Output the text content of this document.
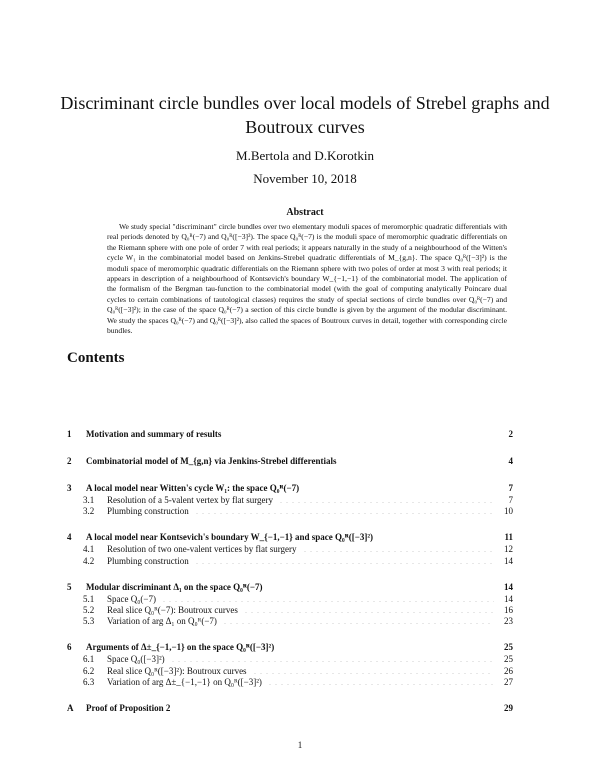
Discriminant circle bundles over local models of Strebel graphs and
Boutroux curves
M.Bertola and D.Korotkin
November 10, 2018
Abstract
We study special "discriminant" circle bundles over two elementary moduli spaces of meromorphic quadratic differentials with real periods denoted by Q₀ᴿ(−7) and Q₀ᴿ([−3]²). The space Q₀ᴿ(−7) is the moduli space of meromorphic quadratic differentials on the Riemann sphere with one pole of order 7 with real periods; it appears naturally in the study of a neighbourhood of the Witten's cycle W₁ in the combinatorial model based on Jenkins-Strebel quadratic differentials of M_{g,n}. The space Q₀ᴿ([−3]²) is the moduli space of meromorphic quadratic differentials on the Riemann sphere with two poles of order at most 3 with real periods; it appears in description of a neighbourhood of Kontsevich's boundary W_{−1,−1} of the combinatorial model. The application of the formalism of the Bergman tau-function to the combinatorial model (with the goal of computing analytically Poincare dual cycles to certain combinations of tautological classes) requires the study of special sections of circle bundles over Q₀ᴿ(−7) and Q₀ᴿ([−3]²); in the case of the space Q₀ᴿ(−7) a section of this circle bundle is given by the argument of the modular discriminant. We study the spaces Q₀ᴿ(−7) and Q₀ᴿ([−3]²), also called the spaces of Boutroux curves in detail, together with corresponding circle bundles.
Contents
1	Motivation and summary of results	2
2	Combinatorial model of M_{g,n} via Jenkins-Strebel differentials	4
3	A local model near Witten's cycle W₁: the space Q₀ᴿ(−7)	7
3.1	Resolution of a 5-valent vertex by flat surgery	7
3.2	Plumbing construction	10
4	A local model near Kontsevich's boundary W_{−1,−1} and space Q₀ᴿ([−3]²)	11
4.1	Resolution of two one-valent vertices by flat surgery	12
4.2	Plumbing construction	14
5	Modular discriminant Δ₁ on the space Q₀ᴿ(−7)	14
5.1	Space Q₀(−7)	14
5.2	Real slice Q₀ᴿ(−7): Boutroux curves	16
5.3	Variation of arg Δ₁ on Q₀ᴿ(−7)	23
6	Arguments of Δ±_{−1,−1} on the space Q₀ᴿ([−3]²)	25
6.1	Space Q₀([−3]²)	25
6.2	Real slice Q₀ᴿ([−3]²): Boutroux curves	26
6.3	Variation of arg Δ±_{−1,−1} on Q₀ᴿ([−3]²)	27
A	Proof of Proposition 2	29
1
